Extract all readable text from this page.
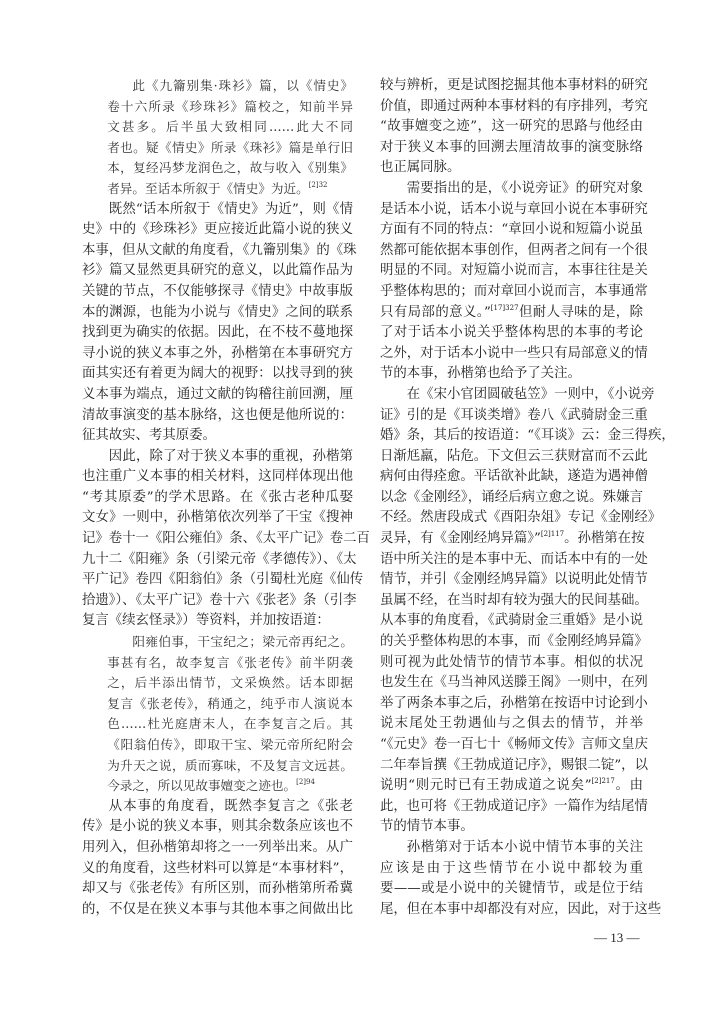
此《九籥别集·珠衫》篇，以《情史》
卷十六所录《珍珠衫》篇校之，知前半异
文甚多。后半虽大致相同……此大不同
者也。疑《情史》所录《珠衫》篇是单行旧
本，复经冯梦龙润色之，故与收入《别集》
者异。至话本所叙于《情史》为近。$^{[2]32}$
既然“话本所叙于《情史》为近”，则《情
史》中的《珍珠衫》更应接近此篇小说的狭义
本事，但从文献的角度看，《九籥别集》的《珠
衫》篇又显然更具研究的意义，以此篇作品为
关键的节点，不仅能够探寻《情史》中故事版
本的渊源，也能为小说与《情史》之间的联系
找到更为确实的依据。因此，在不枝不蔓地探
寻小说的狭义本事之外，孙楷第在本事研究方
面其实还有着更为阔大的视野：以找寻到的狭
义本事为端点，通过文献的钩稽往前回溯，厘
清故事演变的基本脉络，这也便是他所说的：
征其故实、考其原委。
因此，除了对于狭义本事的重视，孙楷第
也注重广义本事的相关材料，这同样体现出他
“考其原委”的学术思路。在《张古老种瓜娶
文女》一则中，孙楷第依次列举了干宝《搜神
记》卷十一《阳公雍伯》条、《太平广记》卷二百
九十二《阳雍》条（引梁元帝《孝德传》）、《太
平广记》卷四《阳翁伯》条（引蜀杜光庭《仙传
拾遗》）、《太平广记》卷十六《张老》条（引李
复言《续玄怪录》）等资料，并加按语道：
阳雍伯事，干宝纪之；梁元帝再纪之。
事甚有名，故李复言《张老传》前半阴袭
之，后半添出情节，文采焕然。话本即据
复言《张老传》，稍通之，纯乎市人演说本
色……杜光庭唐末人，在李复言之后。其
《阳翁伯传》，即取干宝、梁元帝所纪附会
为升天之说，质而寡味，不及复言文远甚。
今录之，所以见故事嬗变之迹也。$^{[2]94}$
从本事的角度看，既然李复言之《张老
传》是小说的狭义本事，则其余数条应该也不
用列入，但孙楷第却将之一一列举出来。从广
义的角度看，这些材料可以算是“本事材料”，
却又与《张老传》有所区别，而孙楷第所希冀
的，不仅是在狭义本事与其他本事之间做出比
较与辨析，更是试图挖掘其他本事材料的研究
价值，即通过两种本事材料的有序排列，考究
“故事嬗变之迹”，这一研究的思路与他经由
对于狭义本事的回溯去厘清故事的演变脉络
也正属同脉。
需要指出的是，《小说旁证》的研究对象
是话本小说，话本小说与章回小说在本事研究
方面有不同的特点：“章回小说和短篇小说虽
然都可能依据本事创作，但两者之间有一个很
明显的不同。对短篇小说而言，本事往往是关
乎整体构思的；而对章回小说而言，本事通常
只有局部的意义。”$^{[17]327}$但耐人寻味的是，除
了对于话本小说关乎整体构思的本事的考论
之外，对于话本小说中一些只有局部意义的情
节的本事，孙楷第也给予了关注。
在《宋小官团圆破毡笠》一则中，《小说旁
证》引的是《耳谈类增》卷八《武骑尉金三重
婚》条，其后的按语道：“《耳谈》云：金三得疾，
日渐尪羸，阽危。下文但云三获财富而不云此
病何由得痊愈。平话欲补此缺，遂造为遇神僧
以念《金刚经》，诵经后病立愈之说。殊嫌言
不经。然唐段成式《酉阳杂俎》专记《金刚经》
灵异，有《金刚经鸠异篇》”$^{[2]117}$。孙楷第在按
语中所关注的是本事中无、而话本中有的一处
情节，并引《金刚经鸠异篇》以说明此处情节
虽属不经，在当时却有较为强大的民间基础。
从本事的角度看，《武骑尉金三重婚》是小说
的关乎整体构思的本事，而《金刚经鸠异篇》
则可视为此处情节的情节本事。相似的状况
也发生在《马当神风送滕王阁》一则中，在列
举了两条本事之后，孙楷第在按语中讨论到小
说末尾处王勃遇仙与之俱去的情节，并举
“《元史》卷一百七十《畅师文传》言师文皇庆
二年奉旨撰《王勃成道记序》，赐银二锭”，以
说明“则元时已有王勃成道之说矣”$^{[2]217}$。由
此，也可将《王勃成道记序》一篇作为结尾情
节的情节本事。
孙楷第对于话本小说中情节本事的关注
应该是由于这些情节在小说中都较为重
要——或是小说中的关键情节，或是位于结
尾，但在本事中却都没有对应，因此，对于这些
— 13 —
